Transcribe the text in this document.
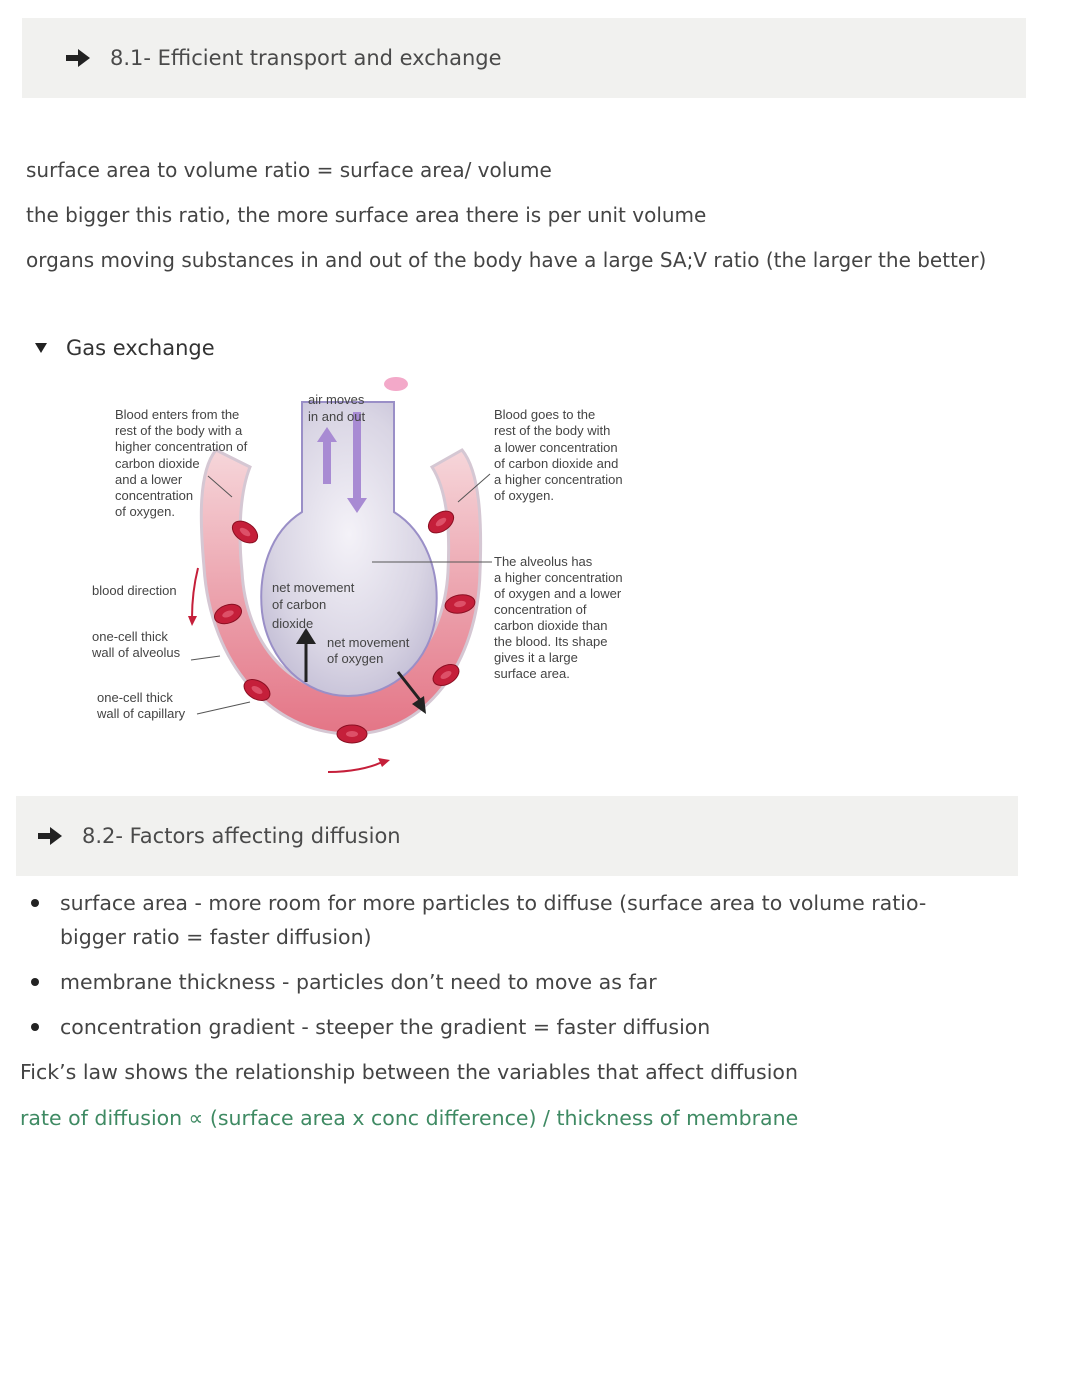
8.1- Efficient transport and exchange
surface area to volume ratio = surface area/ volume
the bigger this ratio, the more surface area there is per unit volume
organs moving substances in and out of the body have a large SA;V ratio (the larger the better)
Gas exchange
Blood enters from the rest of the body with a higher concentration of carbon dioxide and a lower concentration of oxygen.
air moves in and out	Blood goes to the rest of the body with a lower concentration of carbon dioxide and a higher concentration of oxygen.
The alveolus has a higher concentration of oxygen and a lower concentration of carbon dioxide than the blood. Its shape gives it a large surface area.
blood direction
one-cell thick wall of alveolus
one-cell thick wall of capillary
net movement of carbon dioxide
net movement of oxygen
8.2- Factors affecting diffusion
surface area - more room for more particles to diffuse (surface area to volume ratio- bigger ratio = faster diffusion)
membrane thickness - particles don’t need to move as far
concentration gradient - steeper the gradient = faster diffusion
Fick’s law shows the relationship between the variables that affect diffusion
rate of diffusion ∝ (surface area x conc difference) / thickness of membrane
